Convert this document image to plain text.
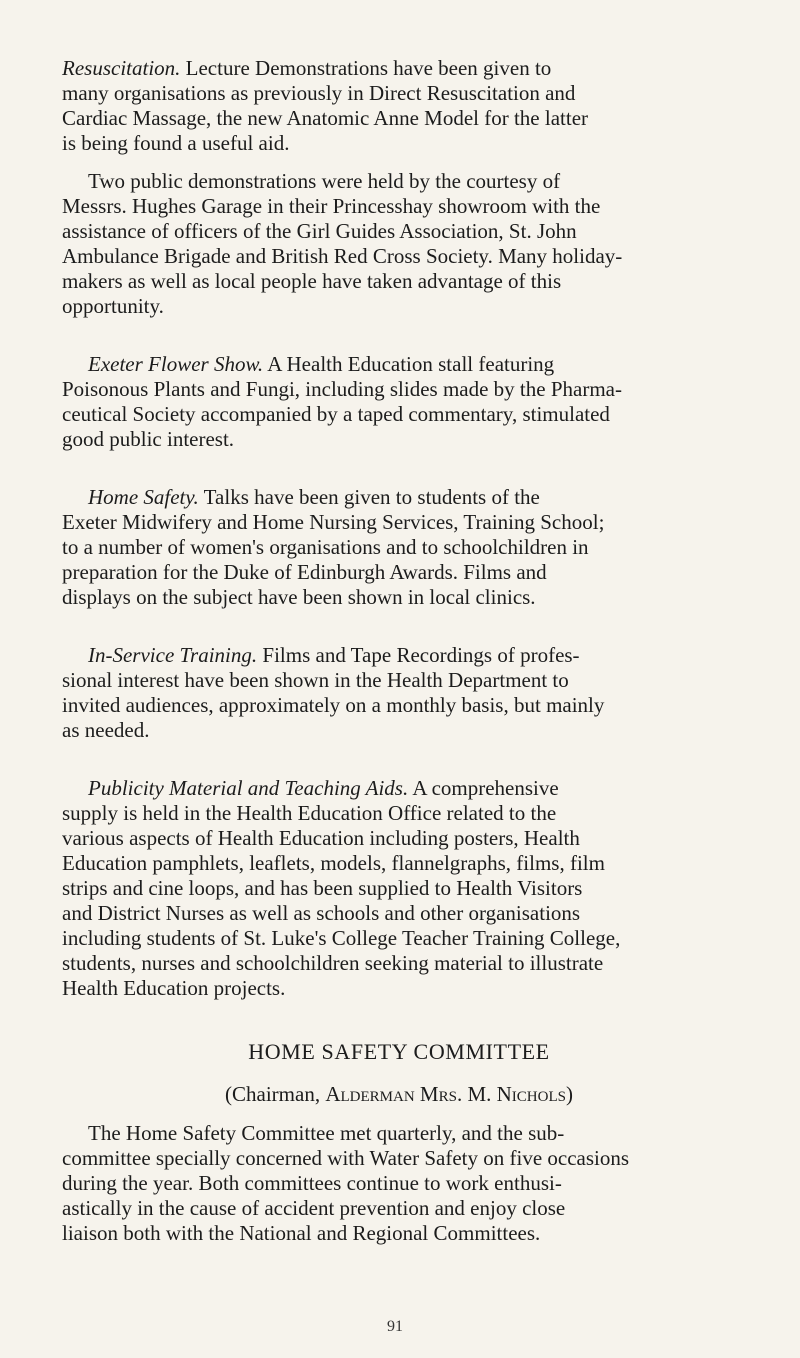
Resuscitation. Lecture Demonstrations have been given to
many organisations as previously in Direct Resuscitation and
Cardiac Massage, the new Anatomic Anne Model for the latter
is being found a useful aid.
Two public demonstrations were held by the courtesy of
Messrs. Hughes Garage in their Princesshay showroom with the
assistance of officers of the Girl Guides Association, St. John
Ambulance Brigade and British Red Cross Society. Many holiday-
makers as well as local people have taken advantage of this
opportunity.
Exeter Flower Show. A Health Education stall featuring
Poisonous Plants and Fungi, including slides made by the Pharma-
ceutical Society accompanied by a taped commentary, stimulated
good public interest.
Home Safety. Talks have been given to students of the
Exeter Midwifery and Home Nursing Services, Training School;
to a number of women's organisations and to schoolchildren in
preparation for the Duke of Edinburgh Awards. Films and
displays on the subject have been shown in local clinics.
In-Service Training. Films and Tape Recordings of profes-
sional interest have been shown in the Health Department to
invited audiences, approximately on a monthly basis, but mainly
as needed.
Publicity Material and Teaching Aids. A comprehensive
supply is held in the Health Education Office related to the
various aspects of Health Education including posters, Health
Education pamphlets, leaflets, models, flannelgraphs, films, film
strips and cine loops, and has been supplied to Health Visitors
and District Nurses as well as schools and other organisations
including students of St. Luke's College Teacher Training College,
students, nurses and schoolchildren seeking material to illustrate
Health Education projects.
HOME SAFETY COMMITTEE
(Chairman, Alderman Mrs. M. Nichols)
The Home Safety Committee met quarterly, and the sub-
committee specially concerned with Water Safety on five occasions
during the year. Both committees continue to work enthusi-
astically in the cause of accident prevention and enjoy close
liaison both with the National and Regional Committees.
91
